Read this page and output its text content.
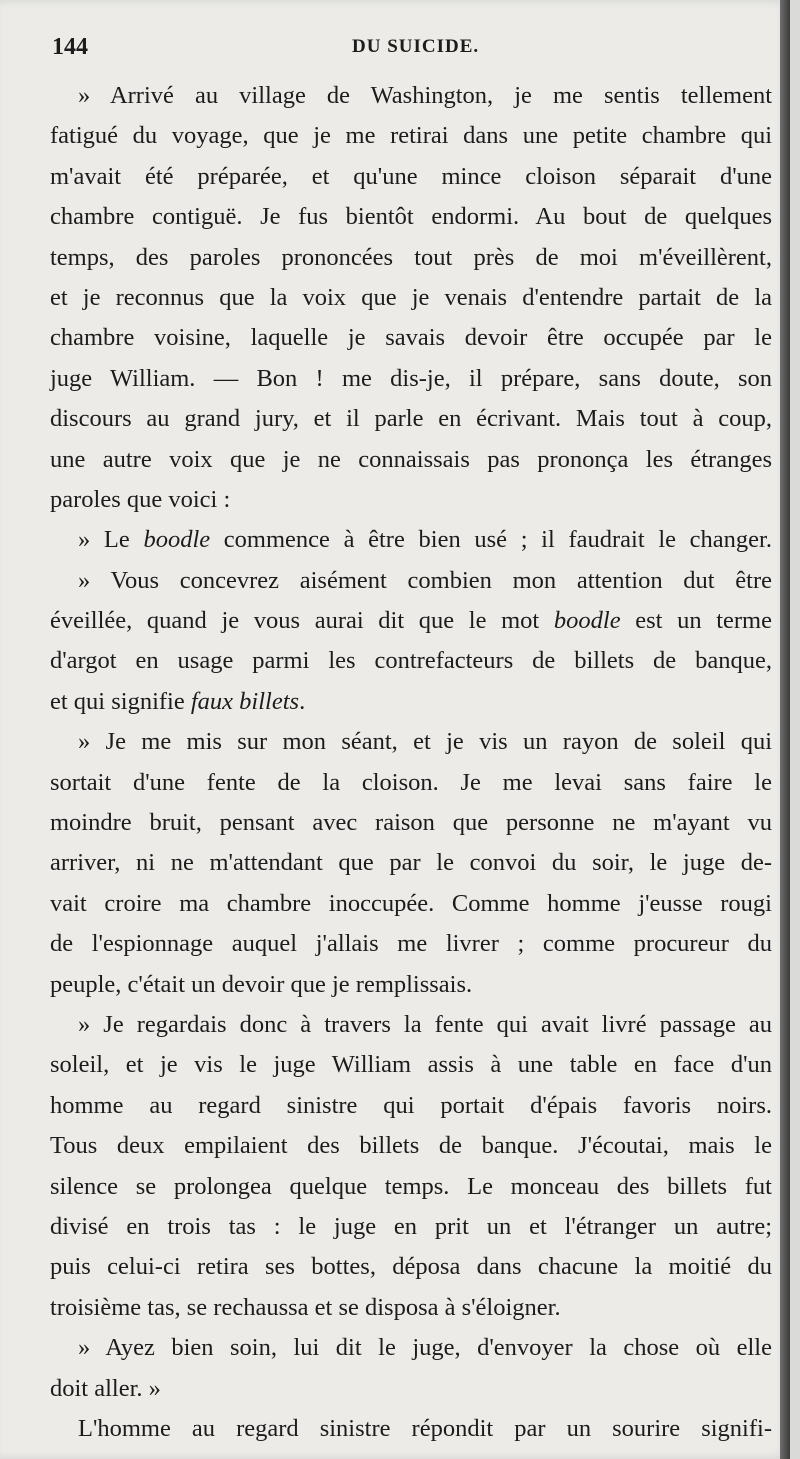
144	DU SUICIDE.
» Arrivé au village de Washington, je me sentis tellement
fatigué du voyage, que je me retirai dans une petite chambre qui
m'avait été préparée, et qu'une mince cloison séparait d'une
chambre contiguë. Je fus bientôt endormi. Au bout de quelques
temps, des paroles prononcées tout près de moi m'éveillèrent,
et je reconnus que la voix que je venais d'entendre partait de la
chambre voisine, laquelle je savais devoir être occupée par le
juge William. — Bon ! me dis-je, il prépare, sans doute, son
discours au grand jury, et il parle en écrivant. Mais tout à coup,
une autre voix que je ne connaissais pas prononça les étranges
paroles que voici :
» Le boodle commence à être bien usé ; il faudrait le changer.
» Vous concevrez aisément combien mon attention dut être
éveillée, quand je vous aurai dit que le mot boodle est un terme
d'argot en usage parmi les contrefacteurs de billets de banque,
et qui signifie faux billets.
» Je me mis sur mon séant, et je vis un rayon de soleil qui
sortait d'une fente de la cloison. Je me levai sans faire le
moindre bruit, pensant avec raison que personne ne m'ayant vu
arriver, ni ne m'attendant que par le convoi du soir, le juge de-
vait croire ma chambre inoccupée. Comme homme j'eusse rougi
de l'espionnage auquel j'allais me livrer ; comme procureur du
peuple, c'était un devoir que je remplissais.
» Je regardais donc à travers la fente qui avait livré passage au
soleil, et je vis le juge William assis à une table en face d'un
homme au regard sinistre qui portait d'épais favoris noirs.
Tous deux empilaient des billets de banque. J'écoutai, mais le
silence se prolongea quelque temps. Le monceau des billets fut
divisé en trois tas : le juge en prit un et l'étranger un autre;
puis celui-ci retira ses bottes, déposa dans chacune la moitié du
troisième tas, se rechaussa et se disposa à s'éloigner.
» Ayez bien soin, lui dit le juge, d'envoyer la chose où elle
doit aller. »
L'homme au regard sinistre répondit par un sourire signifi-
